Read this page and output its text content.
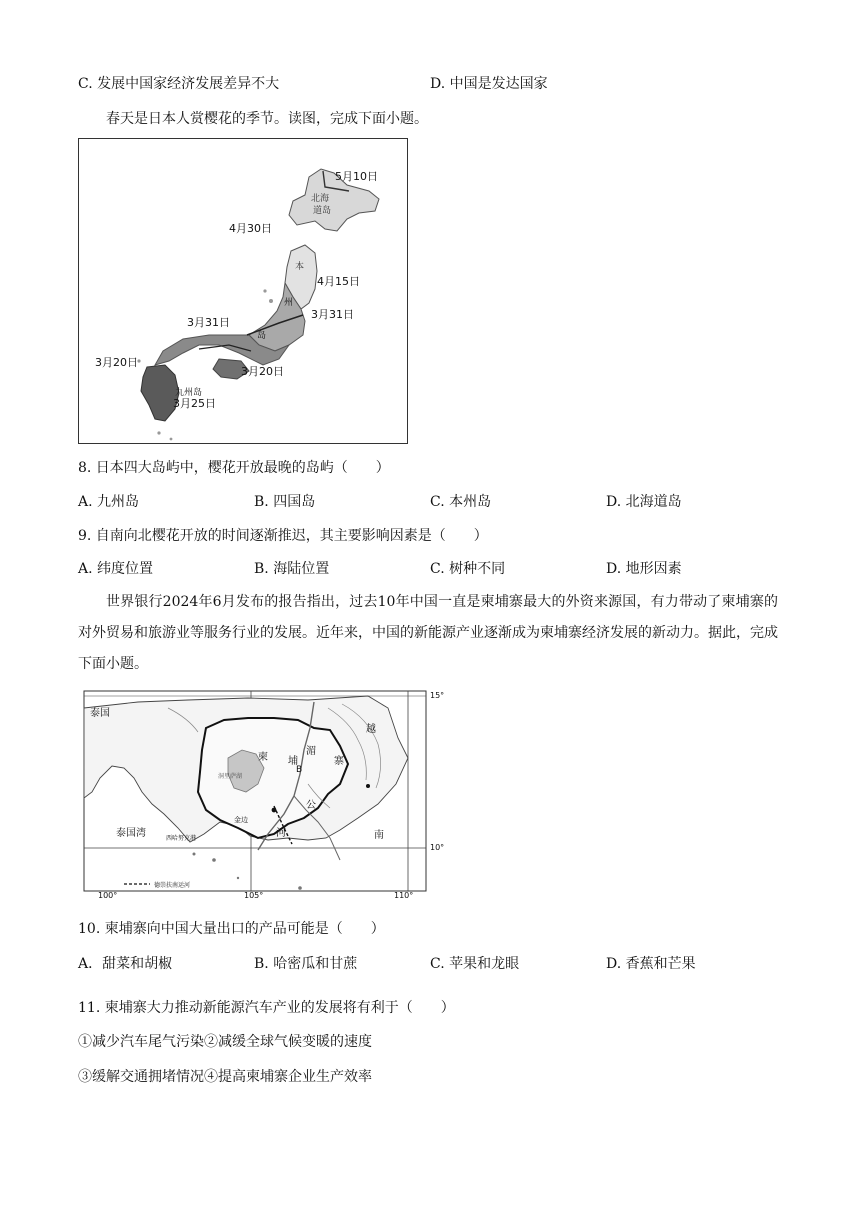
C. 发展中国家经济发展差异不大	D. 中国是发达国家
春天是日本人赏樱花的季节。读图，完成下面小题。
5月10日
北海
道岛
4月30日
本
4月15日
州
3月31日
3月31日
岛
3月20日
3月20日
九州岛
3月25日
8. 日本四大岛屿中，樱花开放最晚的岛屿（　　）
A. 九州岛	B. 四国岛	C. 本州岛	D. 北海道岛
9. 自南向北樱花开放的时间逐渐推迟，其主要影响因素是（　　）
A. 纬度位置	B. 海陆位置	C. 树种不同	D. 地形因素
世界银行2024年6月发布的报告指出，过去10年中国一直是柬埔寨最大的外资来源国，有力带动了柬埔寨的对外贸易和旅游业等服务行业的发展。近年来，中国的新能源产业逐渐成为柬埔寨经济发展的新动力。据此，完成下面小题。
15°
10°
100°	105°	110°
泰国
越
南
柬 埔	寨
湄
公
河
泰国湾
B
金边
西哈努克港
洞里萨湖
德崇扶南运河
10. 柬埔寨向中国大量出口的产品可能是（　　）
A．甜菜和胡椒	B. 哈密瓜和甘蔗	C. 苹果和龙眼	D. 香蕉和芒果
11. 柬埔寨大力推动新能源汽车产业的发展将有利于（　　）
①减少汽车尾气污染②减缓全球气候变暖的速度
③缓解交通拥堵情况④提高柬埔寨企业生产效率
